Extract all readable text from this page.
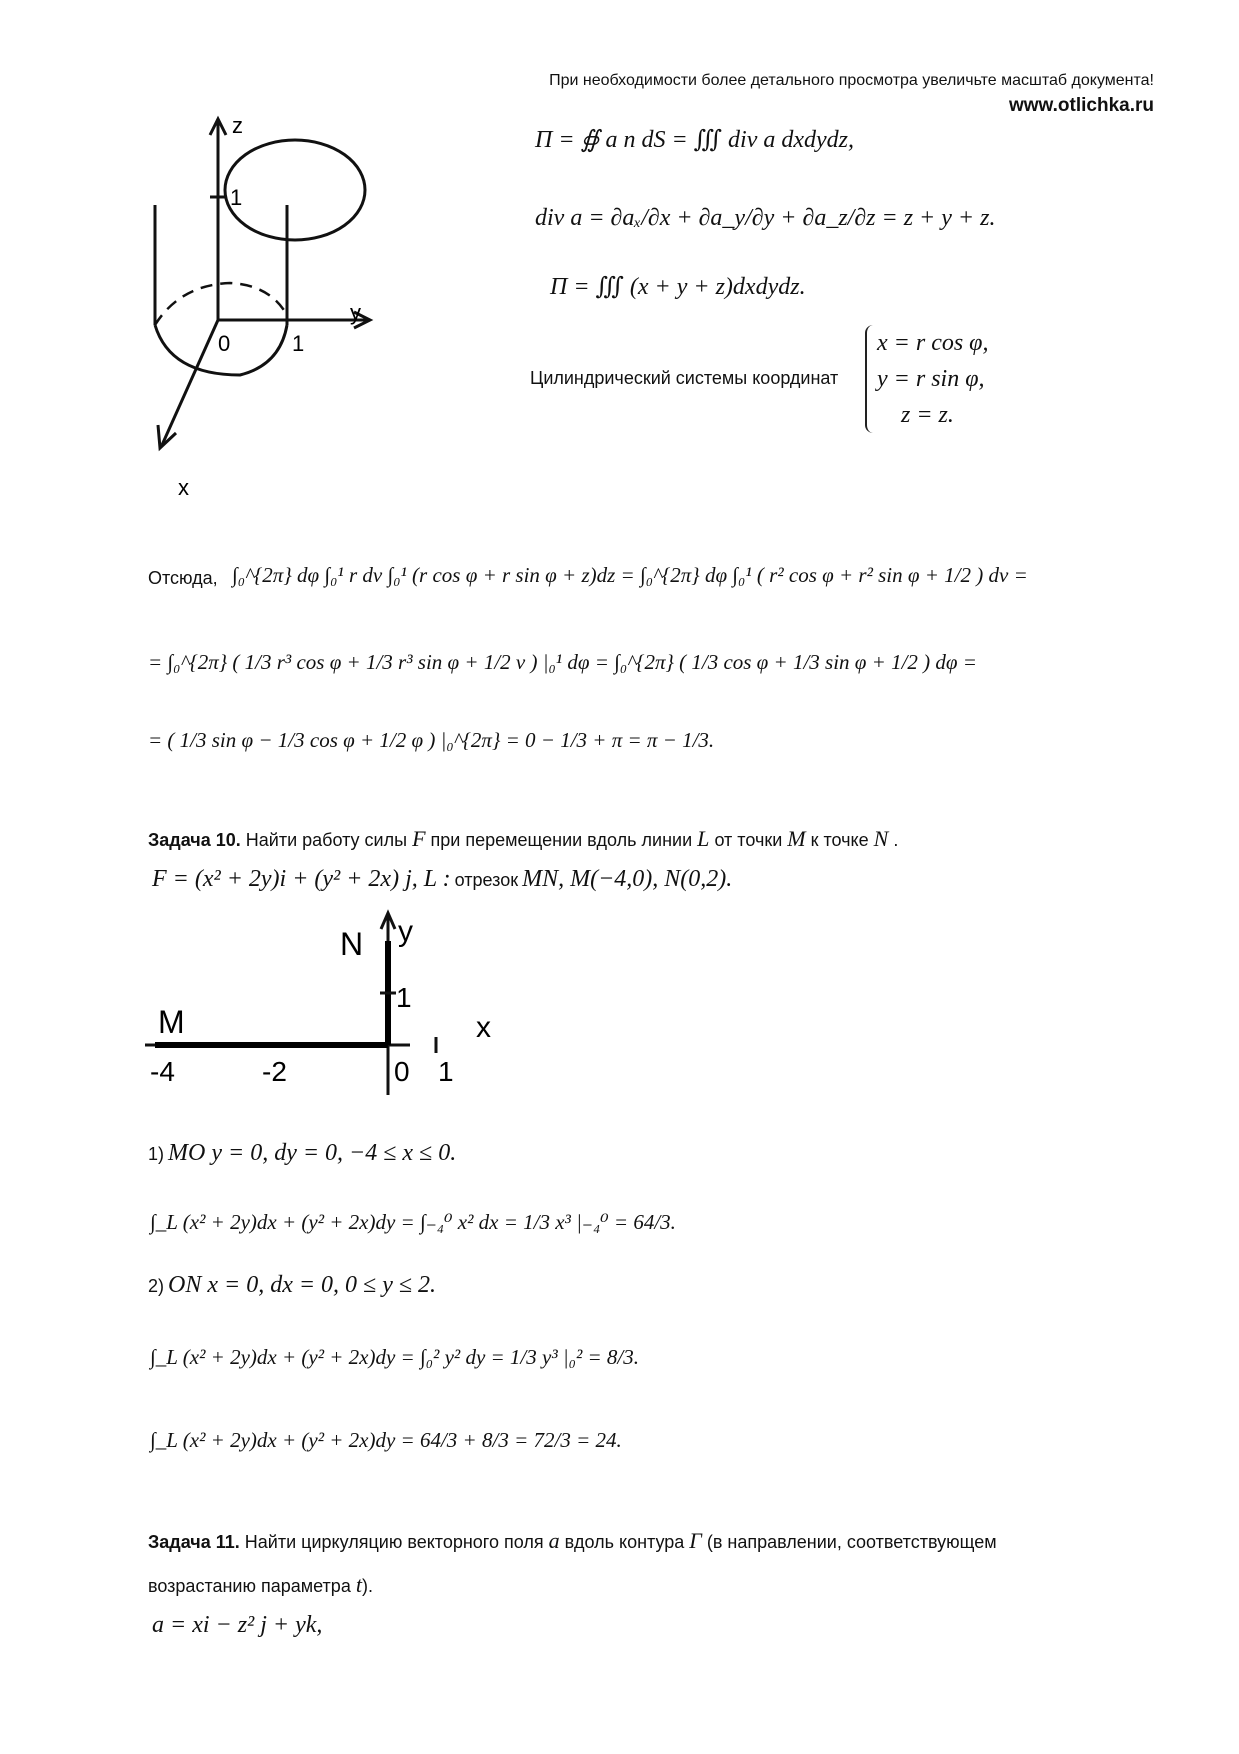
При необходимости более детального просмотра увеличьте масштаб документа!
www.otlichka.ru
z
1
y
1
0
x
П = ∯ a n dS = ∭ div a dxdydz,
div a = ∂aₓ/∂x + ∂a_y/∂y + ∂a_z/∂z = z + y + z.
П = ∭ (x + y + z)dxdydz.
Цилиндрический системы координат
x = r cos φ,
y = r sin φ,
z = z.
Отсюда, ∫₀^{2π} dφ ∫₀¹ r dv ∫₀¹ (r cos φ + r sin φ + z)dz = ∫₀^{2π} dφ ∫₀¹ ( r² cos φ + r² sin φ + 1/2 ) dv =
= ∫₀^{2π} ( 1/3 r³ cos φ + 1/3 r³ sin φ + 1/2 v ) |₀¹ dφ = ∫₀^{2π} ( 1/3 cos φ + 1/3 sin φ + 1/2 ) dφ =
= ( 1/3 sin φ − 1/3 cos φ + 1/2 φ ) |₀^{2π} = 0 − 1/3 + π = π − 1/3.
Задача 10. Найти работу силы F при перемещении вдоль линии L от точки M к точке N .
F = (x² + 2y)i + (y² + 2x) j, L : отрезок MN, M(−4,0), N(0,2).
N y
1
M	x
-4	-2	0 1
1) MO y = 0, dy = 0, −4 ≤ x ≤ 0.
∫_L (x² + 2y)dx + (y² + 2x)dy = ∫₋₄⁰ x² dx = 1/3 x³ |₋₄⁰ = 64/3.
2) ON x = 0, dx = 0, 0 ≤ y ≤ 2.
∫_L (x² + 2y)dx + (y² + 2x)dy = ∫₀² y² dy = 1/3 y³ |₀² = 8/3.
∫_L (x² + 2y)dx + (y² + 2x)dy = 64/3 + 8/3 = 72/3 = 24.
Задача 11. Найти циркуляцию векторного поля a вдоль контура Г (в направлении, соответствующем
возрастанию параметра t).
a = xi − z² j + yk,
